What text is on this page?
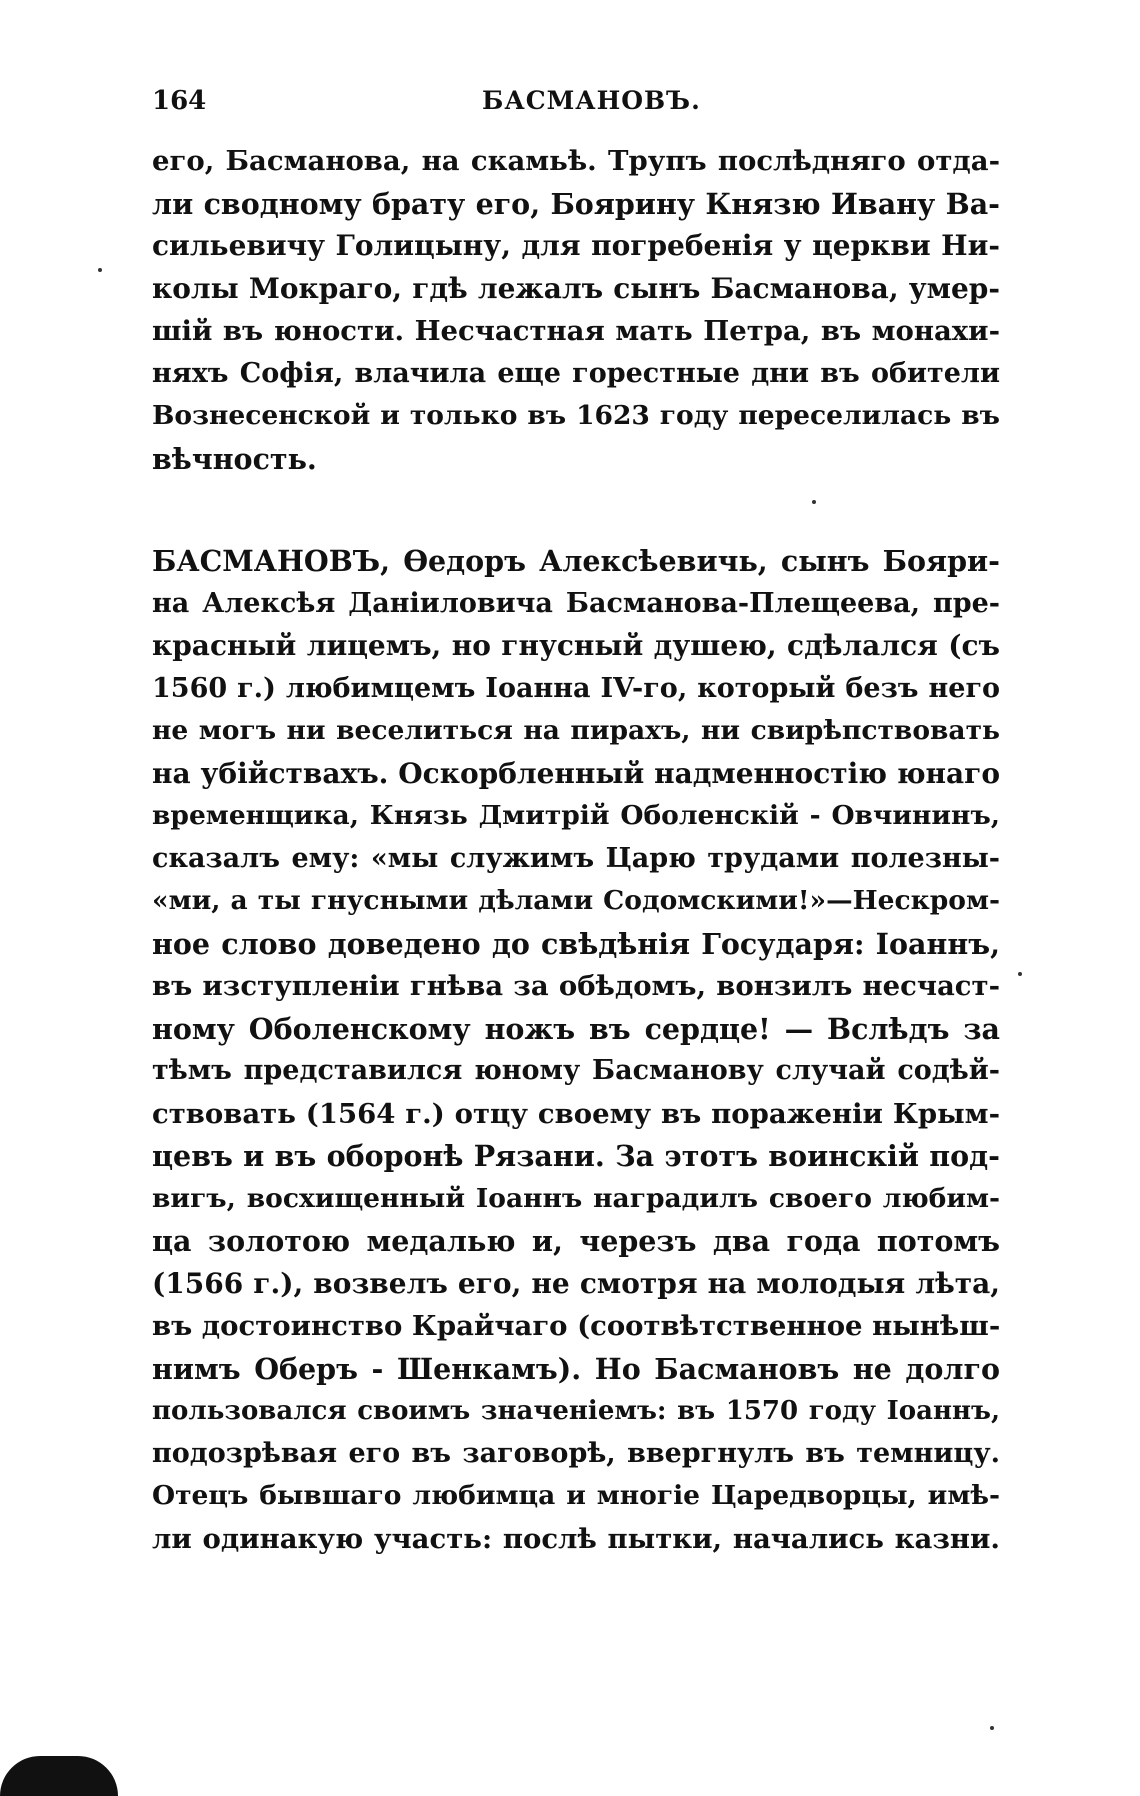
164	БАСМАНОВЪ.
его, Басманова, на скамьѣ. Трупъ послѣдняго отда-
ли сводному брату его, Боярину Князю Ивану Ва-
сильевичу Голицыну, для погребенія у церкви Ни-
колы Мокраго, гдѣ лежалъ сынъ Басманова, умер-
шій въ юности. Несчастная мать Петра, въ монахи-
няхъ Софія, влачила еще горестные дни въ обители
Вознесенской и только въ 1623 году переселилась въ
вѣчность.
БАСМАНОВЪ, Өедоръ Алексѣевичь, сынъ Бояри-
на Алексѣя Даніиловича Басманова-Плещеева, пре-
красный лицемъ, но гнусный душею, сдѣлался (съ
1560 г.) любимцемъ Іоанна IV-го, который безъ него
не могъ ни веселиться на пирахъ, ни свирѣпствовать
на убійствахъ. Оскорбленный надменностію юнаго
временщика, Князь Дмитрій Оболенскій - Овчининъ,
сказалъ ему: «мы служимъ Царю трудами полезны-
«ми, а ты гнусными дѣлами Содомскими!»—Нескром-
ное слово доведено до свѣдѣнія Государя: Іоаннъ,
въ изступленіи гнѣва за обѣдомъ, вонзилъ несчаст-
ному Оболенскому ножъ въ сердце! — Вслѣдъ за
тѣмъ представился юному Басманову случай содѣй-
ствовать (1564 г.) отцу своему въ пораженіи Крым-
цевъ и въ оборонѣ Рязани. За этотъ воинскій под-
вигъ, восхищенный Іоаннъ наградилъ своего любим-
ца золотою медалью и, черезъ два года потомъ
(1566 г.), возвелъ его, не смотря на молодыя лѣта,
въ достоинство Крайчаго (соотвѣтственное нынѣш-
нимъ Оберъ - Шенкамъ). Но Басмановъ не долго
пользовался своимъ значеніемъ: въ 1570 году Іоаннъ,
подозрѣвая его въ заговорѣ, ввергнулъ въ темницу.
Отецъ бывшаго любимца и многіе Царедворцы, имѣ-
ли одинакую участь: послѣ пытки, начались казни.
